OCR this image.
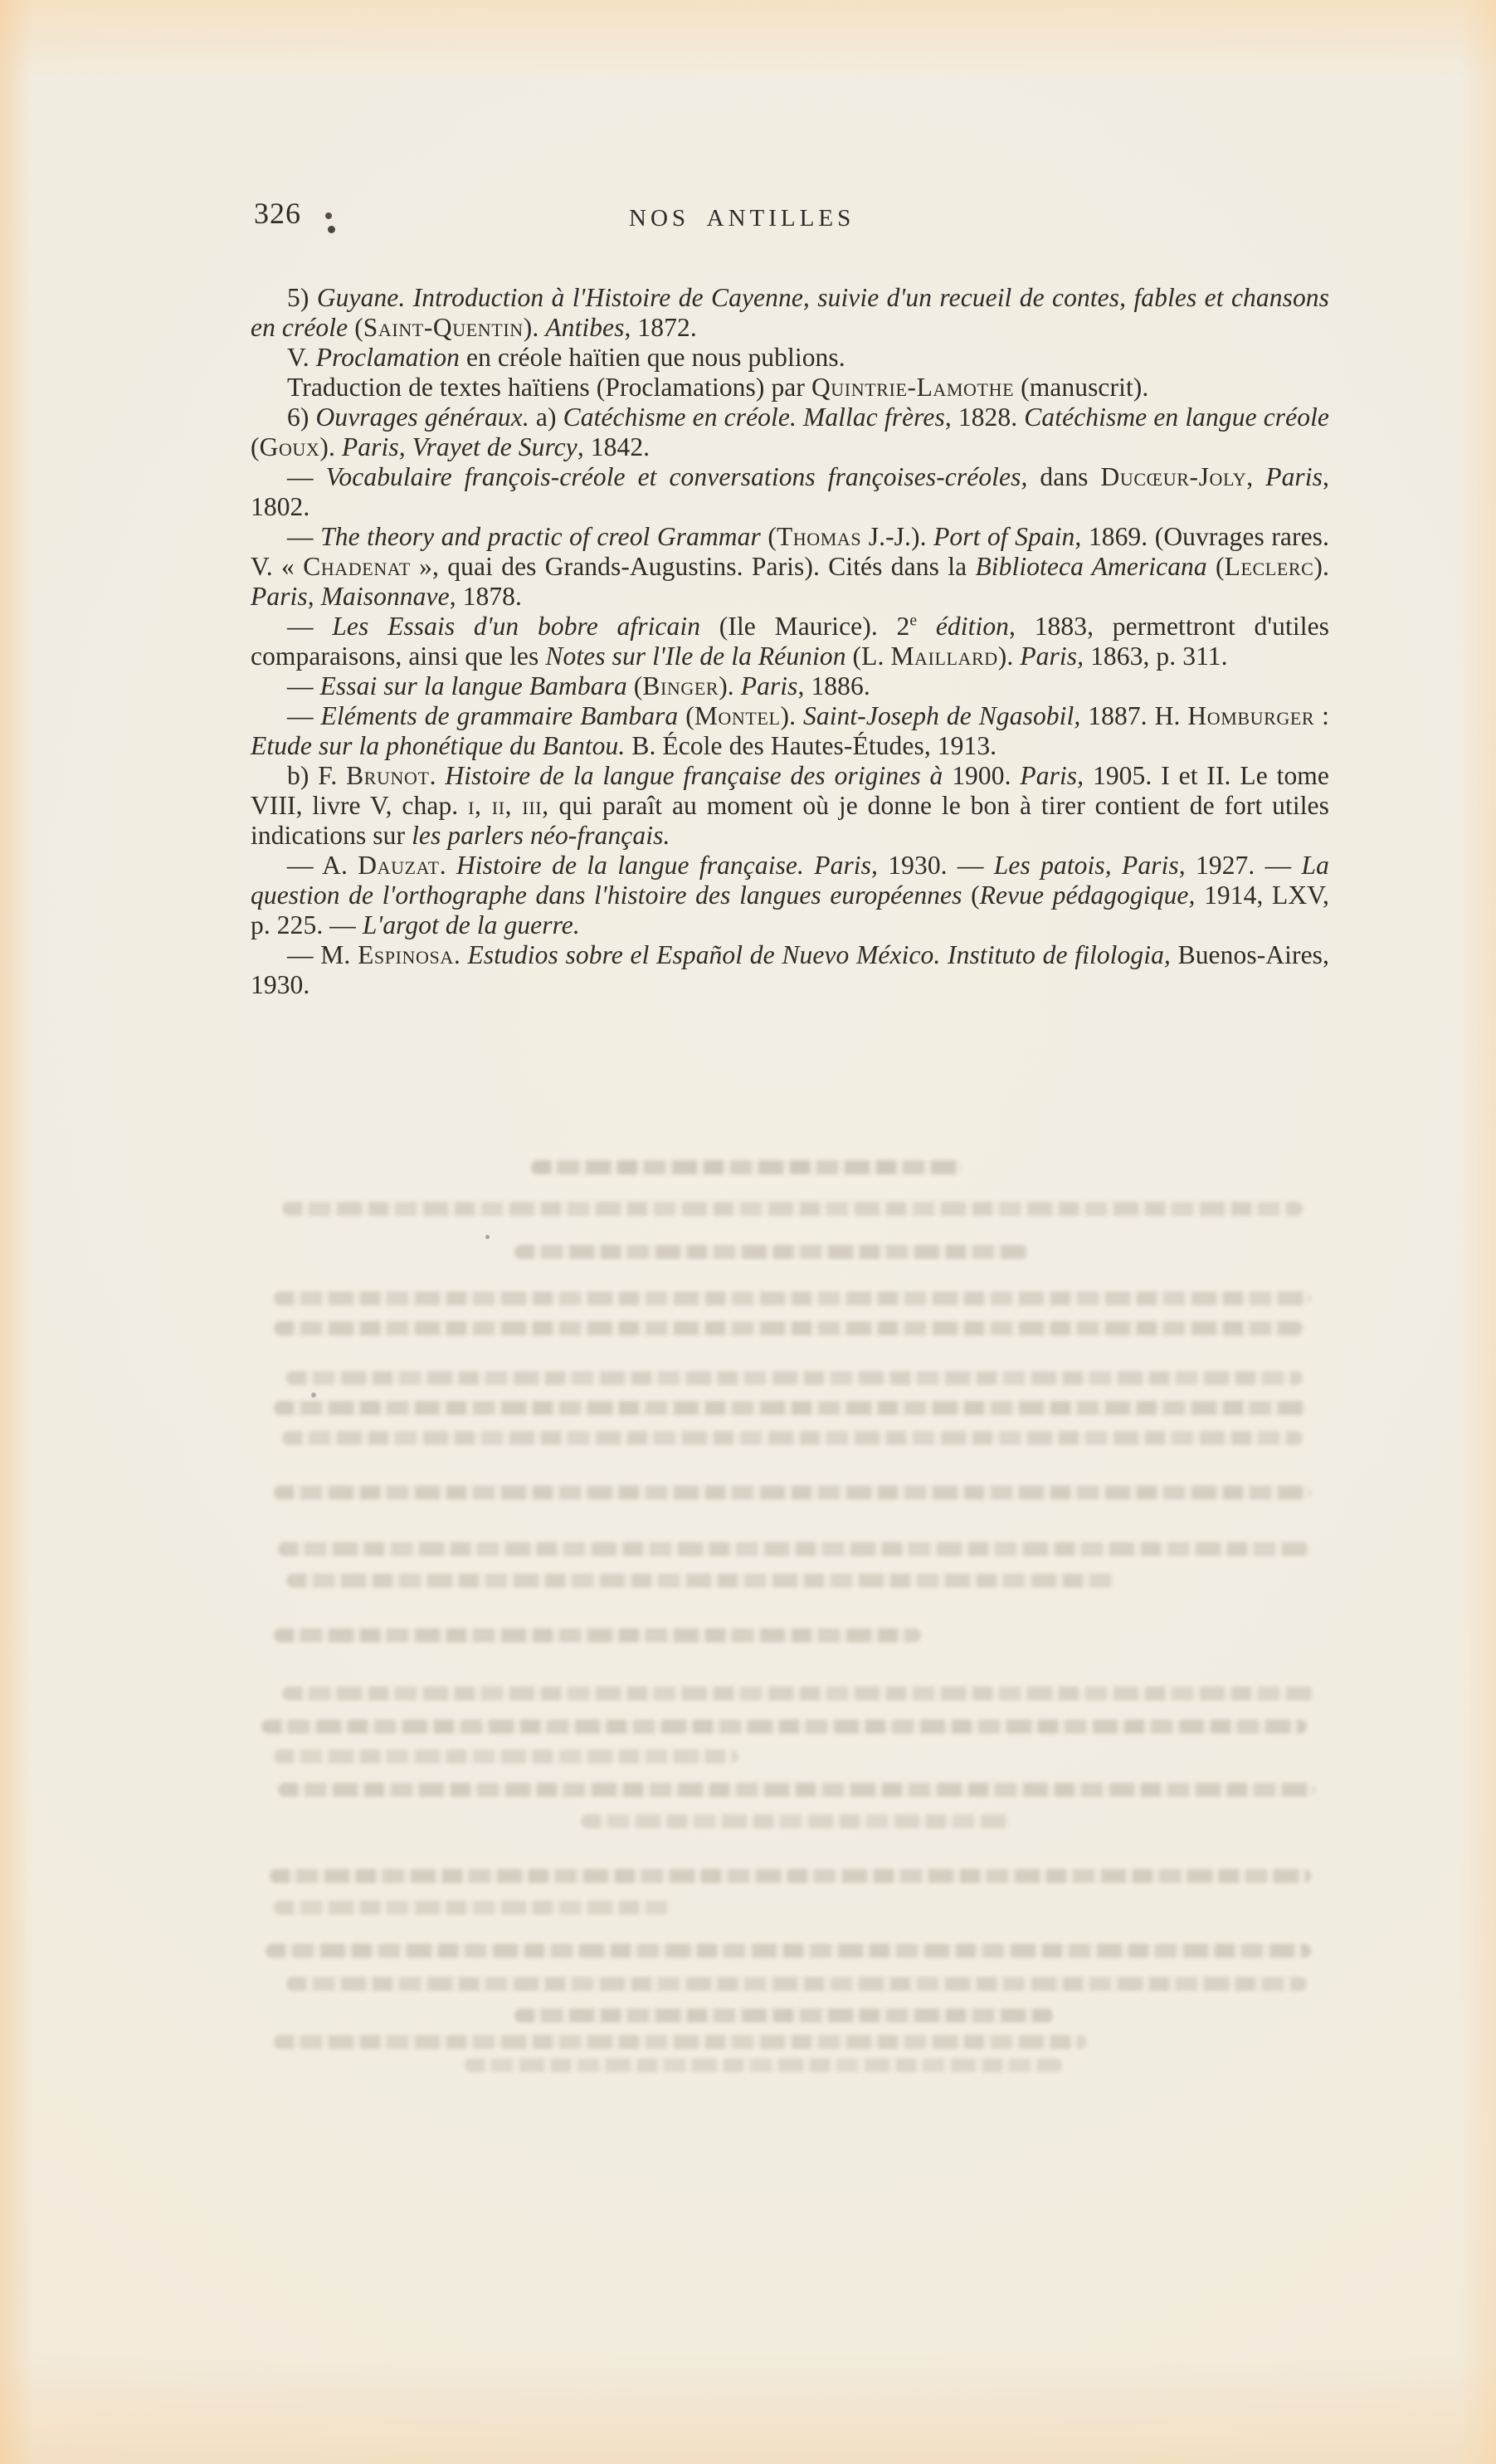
326	NOS ANTILLES

5) Guyane. Introduction à l'Histoire de Cayenne, suivie d'un recueil de contes, fables et chansons en créole (Saint-Quentin). Antibes, 1872.

V. Proclamation en créole haïtien que nous publions.

Traduction de textes haïtiens (Proclamations) par Quintrie-Lamothe (manuscrit).

6) Ouvrages généraux. a) Catéchisme en créole. Mallac frères, 1828. Catéchisme en langue créole (Goux). Paris, Vrayet de Surcy, 1842.

— Vocabulaire françois-créole et conversations françoises-créoles, dans Ducœur-Joly, Paris, 1802.

— The theory and practic of creol Grammar (Thomas J.-J.). Port of Spain, 1869. (Ouvrages rares. V. « Chadenat », quai des Grands-Augustins. Paris). Cités dans la Biblioteca Americana (Leclerc). Paris, Maisonnave, 1878.

— Les Essais d'un bobre africain (Ile Maurice). 2e édition, 1883, permettront d'utiles comparaisons, ainsi que les Notes sur l'Ile de la Réunion (L. Maillard). Paris, 1863, p. 311.

— Essai sur la langue Bambara (Binger). Paris, 1886.

— Eléments de grammaire Bambara (Montel). Saint-Joseph de Ngasobil, 1887. H. Homburger : Etude sur la phonétique du Bantou. B. École des Hautes-Études, 1913.

b) F. Brunot. Histoire de la langue française des origines à 1900. Paris, 1905. I et II. Le tome VIII, livre V, chap. i, ii, iii, qui paraît au moment où je donne le bon à tirer contient de fort utiles indications sur les parlers néo-français.

— A. Dauzat. Histoire de la langue française. Paris, 1930. — Les patois, Paris, 1927. — La question de l'orthographe dans l'histoire des langues européennes (Revue pédagogique, 1914, LXV, p. 225. — L'argot de la guerre.

— M. Espinosa. Estudios sobre el Español de Nuevo México. Instituto de filologia, Buenos-Aires, 1930.
